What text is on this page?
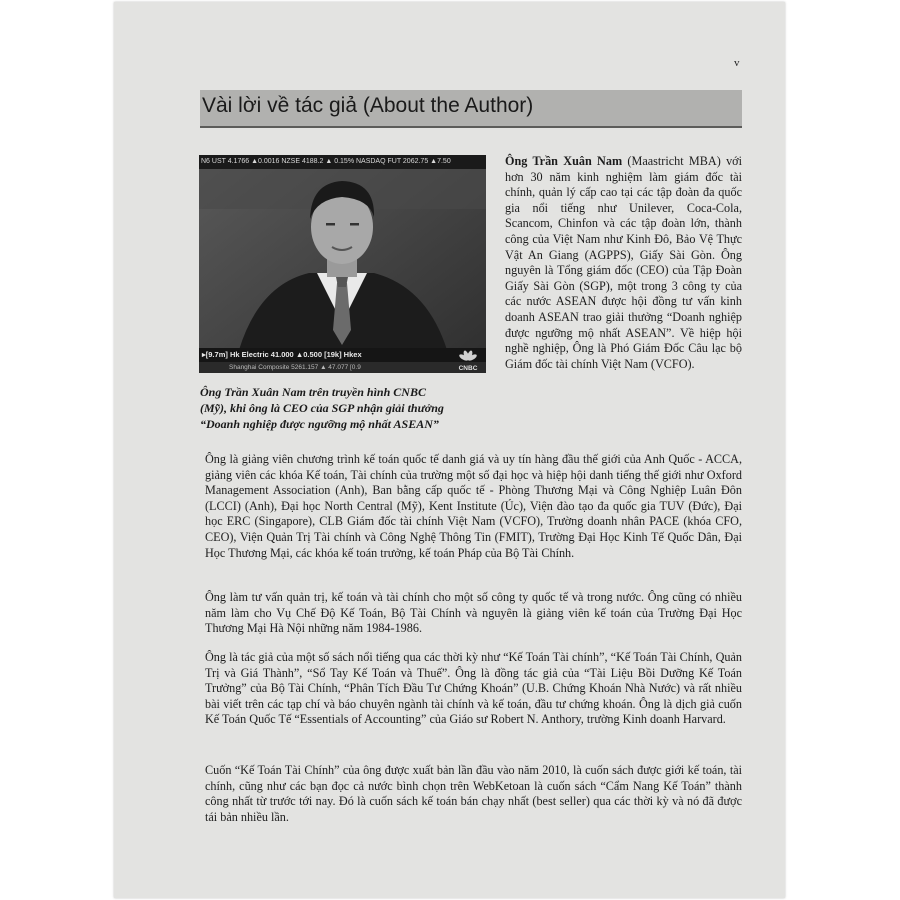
v
Vài lời về tác giả (About the Author)
N6 UST 4.1766 ▲0.0016 NZSE 4188.2 ▲ 0.15% NASDAQ FUT 2062.75 ▲7.50
▸[9.7m] Hk Electric 41.000 ▲0.500 [19k] Hkex
Shanghai Composite 5261.157 ▲ 47.077 [0.9	CNBC
Ông Trần Xuân Nam trên truyền hình CNBC
(Mỹ), khi ông là CEO của SGP nhận giải thưởng
“Doanh nghiệp được ngưỡng mộ nhất ASEAN”
Ông Trần Xuân Nam (Maastricht MBA) với hơn 30 năm kinh nghiệm làm giám đốc tài chính, quản lý cấp cao tại các tập đoàn đa quốc gia nổi tiếng như Unilever, Coca-Cola, Scancom, Chinfon và các tập đoàn lớn, thành công của Việt Nam như Kinh Đô, Bảo Vệ Thực Vật An Giang (AGPPS), Giấy Sài Gòn. Ông nguyên là Tổng giám đốc (CEO) của Tập Đoàn Giấy Sài Gòn (SGP), một trong 3 công ty của các nước ASEAN được hội đồng tư vấn kinh doanh ASEAN trao giải thưởng “Doanh nghiệp được ngưỡng mộ nhất ASEAN”. Về hiệp hội nghề nghiệp, Ông là Phó Giám Đốc Câu lạc bộ Giám đốc tài chính Việt Nam (VCFO).
Ông là giảng viên chương trình kế toán quốc tế danh giá và uy tín hàng đầu thế giới của Anh Quốc - ACCA, giảng viên các khóa Kế toán, Tài chính của trường một số đại học và hiệp hội danh tiếng thế giới như Oxford Management Association (Anh), Ban bằng cấp quốc tế - Phòng Thương Mại và Công Nghiệp Luân Đôn (LCCI) (Anh), Đại học North Central (Mỹ), Kent Institute (Úc), Viện đào tạo đa quốc gia TUV (Đức), Đại học ERC (Singapore), CLB Giám đốc tài chính Việt Nam (VCFO), Trường doanh nhân PACE (khóa CFO, CEO), Viện Quản Trị Tài chính và Công Nghệ Thông Tin (FMIT), Trường Đại Học Kinh Tế Quốc Dân, Đại Học Thương Mại, các khóa kế toán trưởng, kế toán Pháp của Bộ Tài Chính.
Ông làm tư vấn quản trị, kế toán và tài chính cho một số công ty quốc tế và trong nước. Ông cũng có nhiều năm làm cho Vụ Chế Độ Kế Toán, Bộ Tài Chính và nguyên là giảng viên kế toán của Trường Đại Học Thương Mại Hà Nội những năm 1984-1986.
Ông là tác giả của một số sách nổi tiếng qua các thời kỳ như “Kế Toán Tài chính”, “Kế Toán Tài Chính, Quản Trị và Giá Thành”, “Sổ Tay Kế Toán và Thuế”. Ông là đồng tác giả của “Tài Liệu Bồi Dưỡng Kế Toán Trưởng” của Bộ Tài Chính, “Phân Tích Đầu Tư Chứng Khoán” (U.B. Chứng Khoán Nhà Nước) và rất nhiều bài viết trên các tạp chí và báo chuyên ngành tài chính và kế toán, đầu tư chứng khoán. Ông là dịch giả cuốn Kế Toán Quốc Tế “Essentials of Accounting” của Giáo sư Robert N. Anthory, trường Kinh doanh Harvard.
Cuốn “Kế Toán Tài Chính” của ông được xuất bản lần đầu vào năm 2010, là cuốn sách được giới kế toán, tài chính, cũng như các bạn đọc cả nước bình chọn trên WebKetoan là cuốn sách “Cẩm Nang Kế Toán” thành công nhất từ trước tới nay. Đó là cuốn sách kế toán bán chạy nhất (best seller) qua các thời kỳ và nó đã được tái bản nhiều lần.
